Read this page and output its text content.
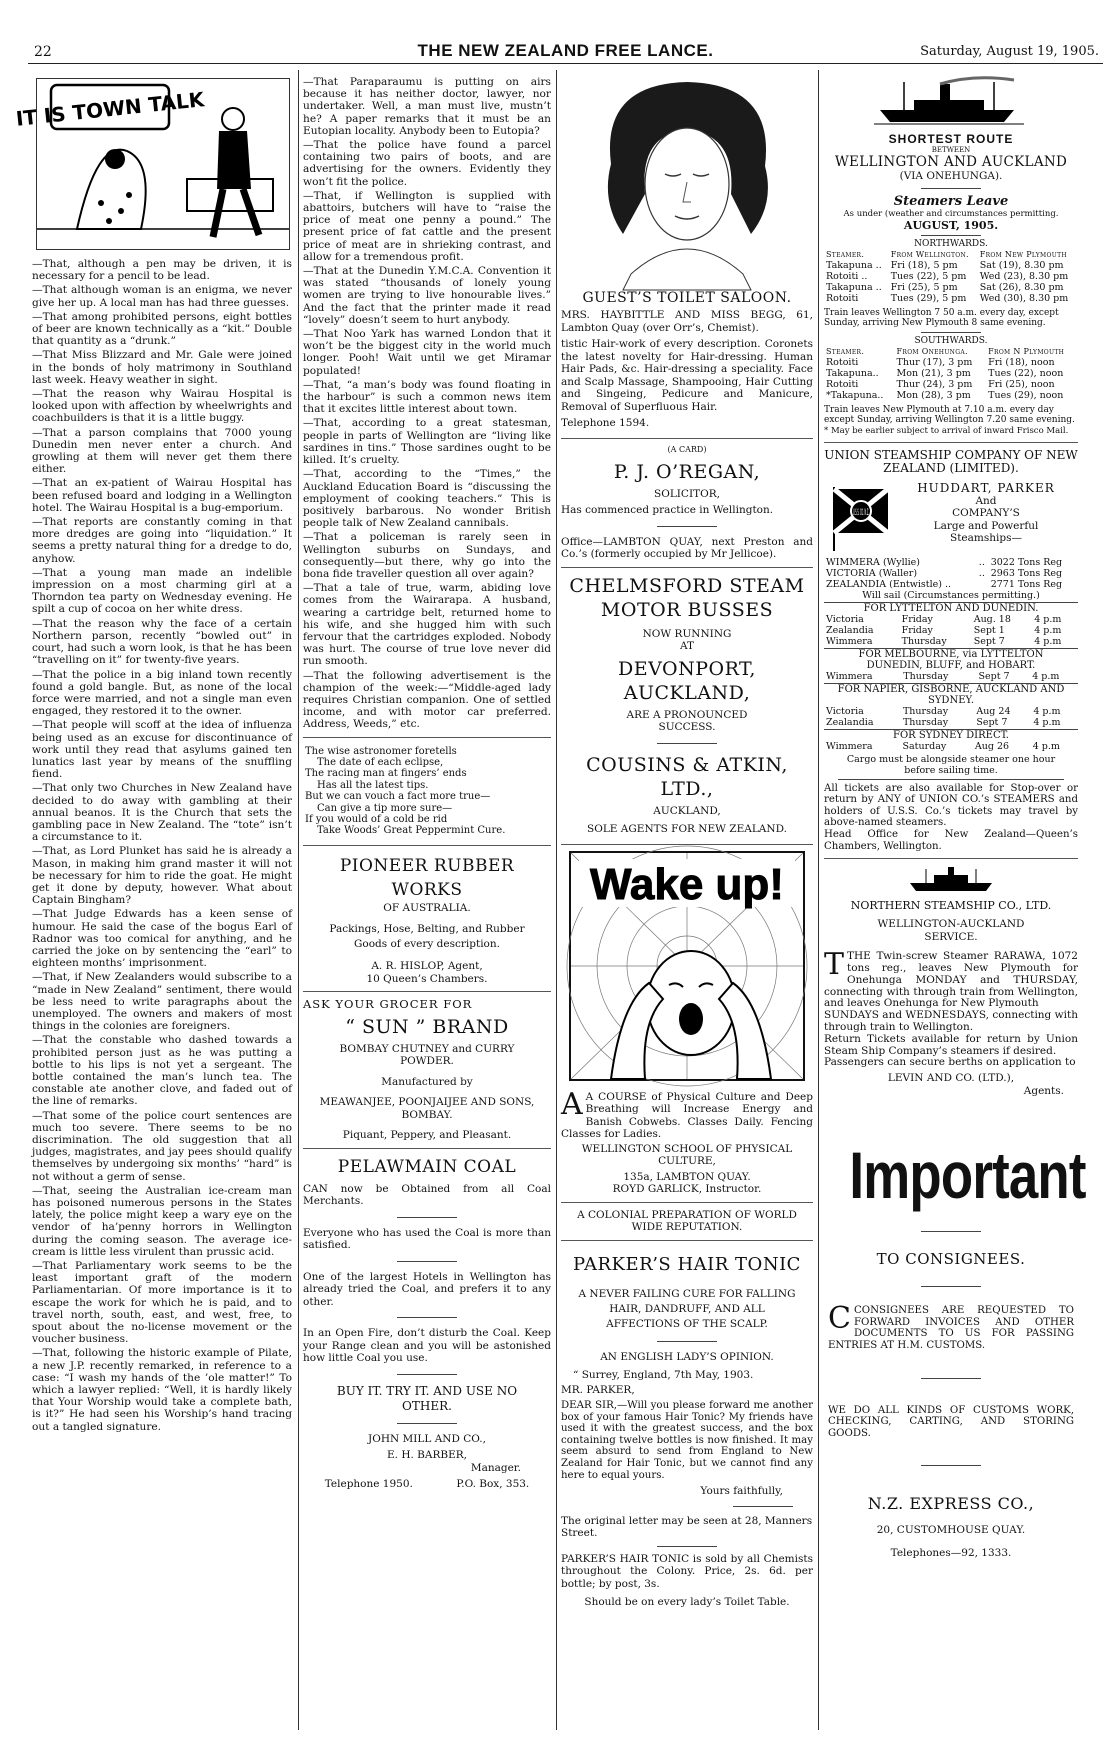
22	THE NEW ZEALAND FREE LANCE.	Saturday, August 19, 1905.
IT IS TOWN TALK

—That, although a pen may be driven, it is necessary for a pencil to be lead.

—That although woman is an enigma, we never give her up. A local man has had three guesses.

—That among prohibited persons, eight bottles of beer are known technically as a “kit.” Double that quantity as a “drunk.”

—That Miss Blizzard and Mr. Gale were joined in the bonds of holy matrimony in Southland last week. Heavy weather in sight.

—That the reason why Wairau Hospital is looked upon with affection by wheelwrights and coachbuilders is that it is a little buggy.

—That a parson complains that 7000 young Dunedin men never enter a church. And growling at them will never get them there either.

—That an ex-patient of Wairau Hospital has been refused board and lodging in a Wellington hotel. The Wairau Hospital is a bug-emporium.

—That reports are constantly coming in that more dredges are going into “liquidation.” It seems a pretty natural thing for a dredge to do, anyhow.

—That a young man made an indelible impression on a most charming girl at a Thorndon tea party on Wednesday evening. He spilt a cup of cocoa on her white dress.

—That the reason why the face of a certain Northern parson, recently “bowled out” in court, had such a worn look, is that he has been “travelling on it” for twenty-five years.

—That the police in a big inland town recently found a gold bangle. But, as none of the local force were married, and not a single man even engaged, they restored it to the owner.

—That people will scoff at the idea of influenza being used as an excuse for discontinuance of work until they read that asylums gained ten lunatics last year by means of the snuffling fiend.

—That only two Churches in New Zealand have decided to do away with gambling at their annual beanos. It is the Church that sets the gambling pace in New Zealand. The “tote” isn’t a circumstance to it.

—That, as Lord Plunket has said he is already a Mason, in making him grand master it will not be necessary for him to ride the goat. He might get it done by deputy, however. What about Captain Bingham?

—That Judge Edwards has a keen sense of humour. He said the case of the bogus Earl of Radnor was too comical for anything, and he carried the joke on by sentencing the “earl” to eighteen months’ imprisonment.

—That, if New Zealanders would subscribe to a “made in New Zealand” sentiment, there would be less need to write paragraphs about the unemployed. The owners and makers of most things in the colonies are foreigners.

—That the constable who dashed towards a prohibited person just as he was putting a bottle to his lips is not yet a sergeant. The bottle contained the man’s lunch tea. The constable ate another clove, and faded out of the line of remarks.

—That some of the police court sentences are much too severe. There seems to be no discrimination. The old suggestion that all judges, magistrates, and jay pees should qualify themselves by undergoing six months’ “hard” is not without a germ of sense.

—That, seeing the Australian ice-cream man has poisoned numerous persons in the States lately, the police might keep a wary eye on the vendor of ha’penny horrors in Wellington during the coming season. The average ice-cream is little less virulent than prussic acid.

—That Parliamentary work seems to be the least important graft of the modern Parliamentarian. Of more importance is it to escape the work for which he is paid, and to travel north, south, east, and west, free, to spout about the no-license movement or the voucher business.

—That, following the historic example of Pilate, a new J.P. recently remarked, in reference to a case: “I wash my hands of the ’ole matter!” To which a lawyer replied: “Well, it is hardly likely that Your Worship would take a complete bath, is it?” He had seen his Worship’s hand tracing out a tangled signature.

—That Paraparaumu is putting on airs because it has neither doctor, lawyer, nor undertaker. Well, a man must live, mustn’t he? A paper remarks that it must be an Eutopian locality. Anybody been to Eutopia?

—That the police have found a parcel containing two pairs of boots, and are advertising for the owners. Evidently they won’t fit the police.

—That, if Wellington is supplied with abattoirs, butchers will have to “raise the price of meat one penny a pound.” The present price of fat cattle and the present price of meat are in shrieking contrast, and allow for a tremendous profit.

—That at the Dunedin Y.M.C.A. Convention it was stated “thousands of lonely young women are trying to live honourable lives.” And the fact that the printer made it read “lovely” doesn’t seem to hurt anybody.

—That Noo Yark has warned London that it won’t be the biggest city in the world much longer. Pooh! Wait until we get Miramar populated!

—That, “a man’s body was found floating in the harbour” is such a common news item that it excites little interest about town.

—That, according to a great statesman, people in parts of Wellington are “living like sardines in tins.” Those sardines ought to be killed. It’s cruelty.

—That, according to the “Times,” the Auckland Education Board is “discussing the employment of cooking teachers.” This is positively barbarous. No wonder British people talk of New Zealand cannibals.

—That a policeman is rarely seen in Wellington suburbs on Sundays, and consequently—but there, why go into the bona fide traveller question all over again?

—That a tale of true, warm, abiding love comes from the Wairarapa. A husband, wearing a cartridge belt, returned home to his wife, and she hugged him with such fervour that the cartridges exploded. Nobody was hurt. The course of true love never did run smooth.

—That the following advertisement is the champion of the week:—“Middle-aged lady requires Christian companion. One of settled income, and with motor car preferred. Address, Weeds,” etc.

The wise astronomer foretells
The date of each eclipse,
The racing man at fingers’ ends
Has all the latest tips.
But we can vouch a fact more true—
Can give a tip more sure—
If you would of a cold be rid
Take Woods’ Great Peppermint Cure.
PIONEER RUBBER WORKS
OF AUSTRALIA.
Packings, Hose, Belting, and Rubber Goods of every description.
A. R. HISLOP, Agent,
10 Queen’s Chambers.
ASK YOUR GROCER FOR
“ SUN ” BRAND
BOMBAY CHUTNEY and CURRY POWDER.
Manufactured by
MEAWANJEE, POONJAIJEE AND SONS, BOMBAY.
Piquant, Peppery, and Pleasant.
PELAWMAIN COAL

CAN now be Obtained from all Coal Merchants.

Everyone who has used the Coal is more than satisfied.

One of the largest Hotels in Wellington has already tried the Coal, and prefers it to any other.

In an Open Fire, don’t disturb the Coal. Keep your Range clean and you will be astonished how little Coal you use.

BUY IT. TRY IT. AND USE NO OTHER.
JOHN MILL AND CO.,
E. H. BARBER,
Manager.
Telephone 1950.	P.O. Box, 353.
GUEST’S TOILET SALOON.

MRS. HAYBITTLE AND MISS BEGG, 61, Lambton Quay (over Orr’s, Chemist).

tistic Hair-work of every description. Coronets the latest novelty for Hair-dressing. Human Hair Pads, &c. Hair-dressing a speciality. Face and Scalp Massage, Shampooing, Hair Cutting and Singeing, Pedicure and Manicure, Removal of Superfluous Hair.

Telephone 1594.

(A CARD)
P. J. O’REGAN,
SOLICITOR,

Has commenced practice in Wellington.

Office—LAMBTON QUAY, next Preston and Co.’s (formerly occupied by Mr Jellicoe).

CHELMSFORD STEAM
MOTOR BUSSES
NOW RUNNING
AT
DEVONPORT, AUCKLAND,
ARE A PRONOUNCED
SUCCESS.
COUSINS & ATKIN, LTD.,
AUCKLAND,
SOLE AGENTS FOR NEW ZEALAND.
Wake up!

A A COURSE of Physical Culture and Deep Breathing will Increase Energy and Banish Cobwebs. Classes Daily. Fencing Classes for Ladies.

WELLINGTON SCHOOL OF PHYSICAL CULTURE,
135a, LAMBTON QUAY.
ROYD GARLICK, Instructor.
A COLONIAL PREPARATION OF WORLD WIDE REPUTATION.
PARKER’S HAIR TONIC
A NEVER FAILING CURE FOR FALLING HAIR, DANDRUFF, AND ALL AFFECTIONS OF THE SCALP.
AN ENGLISH LADY’S OPINION.
“ Surrey, England, 7th May, 1903.
MR. PARKER,

DEAR SIR,—Will you please forward me another box of your famous Hair Tonic? My friends have used it with the greatest success, and the box containing twelve bottles is now finished. It may seem absurd to send from England to New Zealand for Hair Tonic, but we cannot find any here to equal yours.

Yours faithfully,

The original letter may be seen at 28, Manners Street.

PARKER’S HAIR TONIC is sold by all Chemists throughout the Colony. Price, 2s. 6d. per bottle; by post, 3s.

Should be on every lady’s Toilet Table.

SHORTEST ROUTE
BETWEEN
WELLINGTON AND AUCKLAND
(VIA ONEHUNGA).
Steamers Leave
As under (weather and circumstances permitting.
AUGUST, 1905.
NORTHWARDS.
Steamer.	From Wellington.	From New Plymouth
Takapuna ..	Fri (18), 5 pm	Sat (19), 8.30 pm
Rotoiti ..	Tues (22), 5 pm	Wed (23), 8.30 pm
Takapuna ..	Fri (25), 5 pm	Sat (26), 8.30 pm
Rotoiti	Tues (29), 5 pm	Wed (30), 8.30 pm

Train leaves Wellington 7 50 a.m. every day, except Sunday, arriving New Plymouth 8 same evening.

SOUTHWARDS.
Steamer.	From Onehunga.	From N Plymouth
Rotoiti	Thur (17), 3 pm	Fri (18), noon
Takapuna..	Mon (21), 3 pm	Tues (22), noon
Rotoiti	Thur (24), 3 pm	Fri (25), noon
*Takapuna..	Mon (28), 3 pm	Tues (29), noon

Train leaves New Plymouth at 7.10 a.m. every day except Sunday, arriving Wellington 7.20 same evening.

* May be earlier subject to arrival of inward Frisco Mail.

UNION STEAMSHIP COMPANY OF NEW ZEALAND (LIMITED).
U.S.S. CO. N.Z.
HUDDART, PARKER
And
COMPANY’S
Large and Powerful
Steamships—
WIMMERA (Wyllie)	..	3022 Tons Reg
VICTORIA (Waller)	..	2963 Tons Reg
ZEALANDIA (Entwistle) ..		2771 Tons Reg
Will sail (Circumstances permitting.)
FOR LYTTELTON AND DUNEDIN.
Victoria	Friday	Aug. 18	4 p.m
Zealandia	Friday	Sept 1	4 p.m
Wimmera	Thursday	Sept 7	4 p.m
FOR MELBOURNE, via LYTTELTON DUNEDIN, BLUFF, and HOBART.
Wimmera	Thursday	Sept 7	4 p.m
FOR NAPIER, GISBORNE, AUCKLAND AND SYDNEY.
Victoria	Thursday	Aug 24	4 p.m
Zealandia	Thursday	Sept 7	4 p.m
FOR SYDNEY DIRECT.
Wimmera	Saturday	Aug 26	4 p.m
Cargo must be alongside steamer one hour before sailing time.

All tickets are also available for Stop-over or return by ANY of UNION CO.’s STEAMERS and holders of U.S.S. Co.’s tickets may travel by above-named steamers.

Head Office for New Zealand—Queen’s Chambers, Wellington.

NORTHERN STEAMSHIP CO., LTD.
WELLINGTON-AUCKLAND SERVICE.

TTHE Twin-screw Steamer RARAWA, 1072 tons reg., leaves New Plymouth for Onehunga MONDAY and THURSDAY, connecting with through train from Wellington, and leaves Onehunga for New Plymouth

SUNDAYS and WEDNESDAYS, connecting with through train to Wellington.

Return Tickets available for return by Union Steam Ship Company’s steamers if desired.

Passengers can secure berths on application to

LEVIN AND CO. (LTD.),
Agents.
Important
TO CONSIGNEES.

CCONSIGNEES ARE REQUESTED TO FORWARD INVOICES AND OTHER DOCUMENTS TO US FOR PASSING ENTRIES AT H.M. CUSTOMS.

WE DO ALL KINDS OF CUSTOMS WORK, CHECKING, CARTING, AND STORING GOODS.

N.Z. EXPRESS CO.,
20, CUSTOMHOUSE QUAY.
Telephones—92, 1333.
